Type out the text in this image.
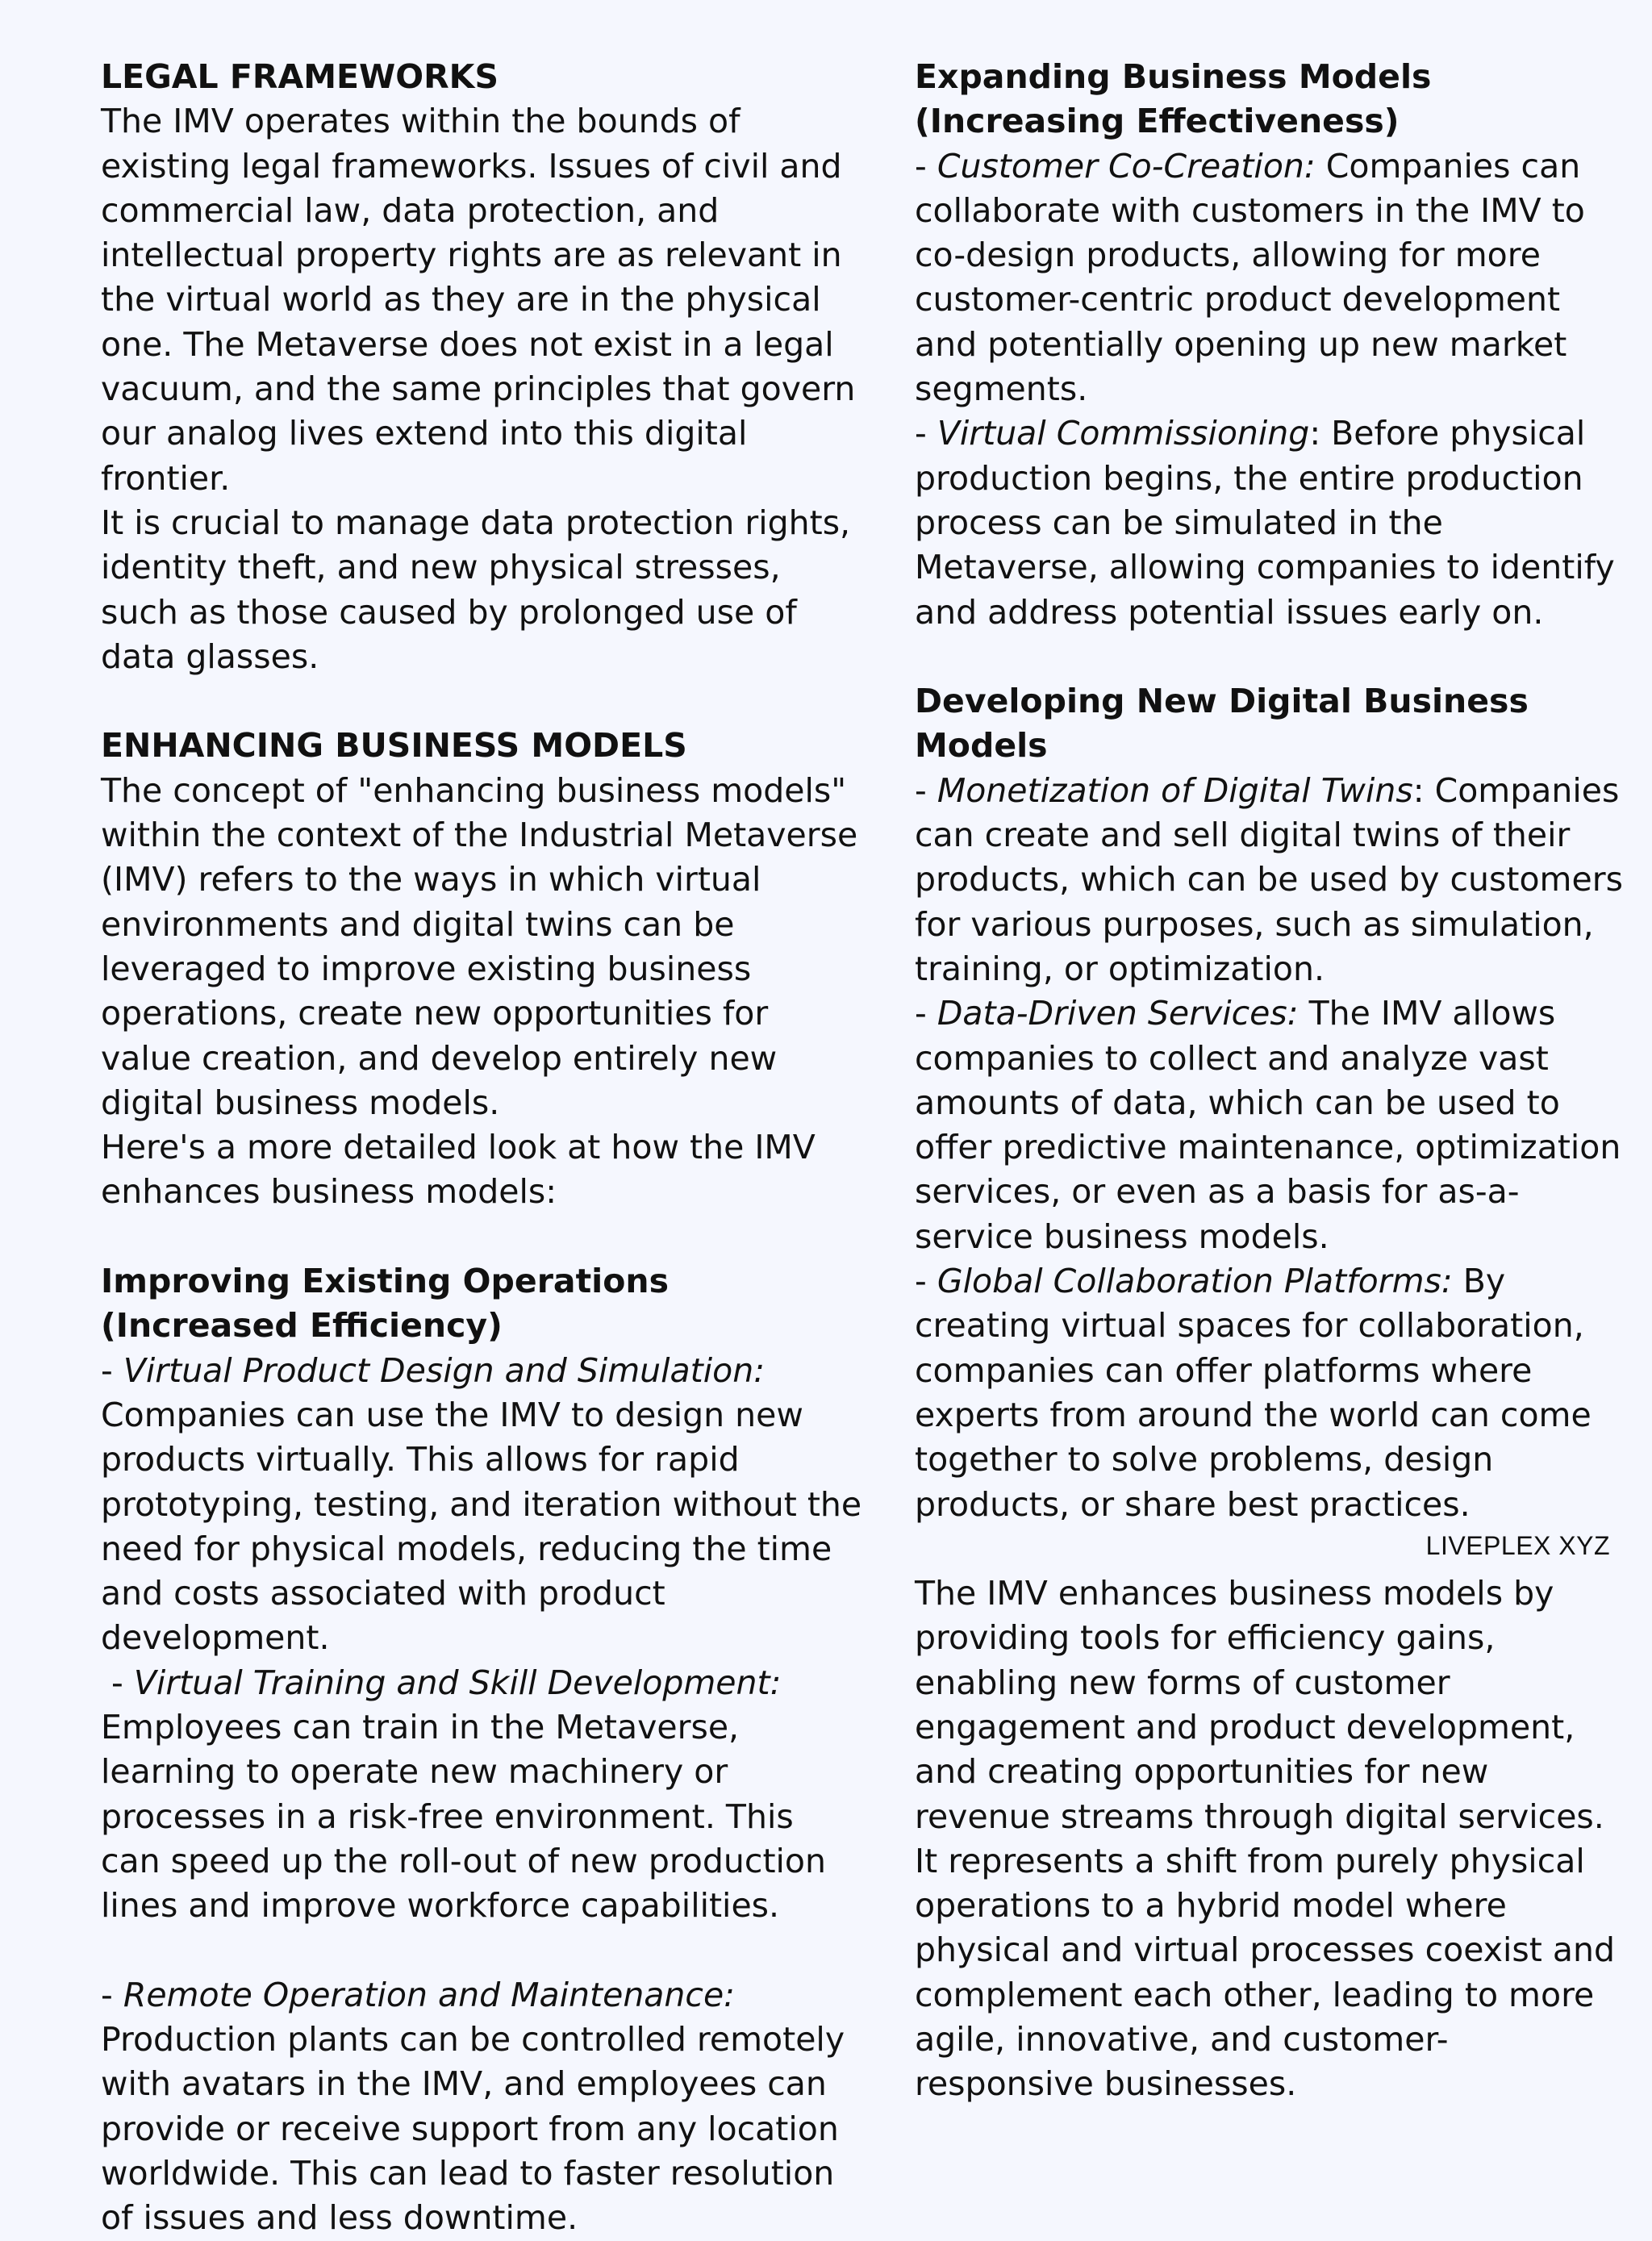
LEGAL FRAMEWORKS

The IMV operates within the bounds of existing legal frameworks. Issues of civil and commercial law, data protection, and intellectual property rights are as relevant in the virtual world as they are in the physical one. The Metaverse does not exist in a legal vacuum, and the same principles that govern our analog lives extend into this digital frontier.

It is crucial to manage data protection rights, identity theft, and new physical stresses, such as those caused by prolonged use of data glasses.

ENHANCING BUSINESS MODELS

The concept of "enhancing business models" within the context of the Industrial Metaverse (IMV) refers to the ways in which virtual environments and digital twins can be leveraged to improve existing business operations, create new opportunities for value creation, and develop entirely new digital business models.

Here's a more detailed look at how the IMV enhances business models:

Improving Existing Operations (Increased Efficiency)

- Virtual Product Design and Simulation: Companies can use the IMV to design new products virtually. This allows for rapid prototyping, testing, and iteration without the need for physical models, reducing the time and costs associated with product development.

- Virtual Training and Skill Development: Employees can train in the Metaverse, learning to operate new machinery or processes in a risk-free environment. This can speed up the roll-out of new production lines and improve workforce capabilities.

- Remote Operation and Maintenance: Production plants can be controlled remotely with avatars in the IMV, and employees can provide or receive support from any location worldwide. This can lead to faster resolution of issues and less downtime.

Expanding Business Models (Increasing Effectiveness)

- Customer Co-Creation: Companies can collaborate with customers in the IMV to co-design products, allowing for more customer-centric product development and potentially opening up new market segments.

- Virtual Commissioning: Before physical production begins, the entire production process can be simulated in the Metaverse, allowing companies to identify and address potential issues early on.

Developing New Digital Business Models

- Monetization of Digital Twins: Companies can create and sell digital twins of their products, which can be used by customers for various purposes, such as simulation, training, or optimization.

- Data-Driven Services: The IMV allows companies to collect and analyze vast amounts of data, which can be used to offer predictive maintenance, optimization services, or even as a basis for as-a-service business models.

- Global Collaboration Platforms: By creating virtual spaces for collaboration, companies can offer platforms where experts from around the world can come together to solve problems, design products, or share best practices.

The IMV enhances business models by providing tools for efficiency gains, enabling new forms of customer engagement and product development, and creating opportunities for new revenue streams through digital services. It represents a shift from purely physical operations to a hybrid model where physical and virtual processes coexist and complement each other, leading to more agile, innovative, and customer-responsive businesses.

LIVEPLEX XYZ
